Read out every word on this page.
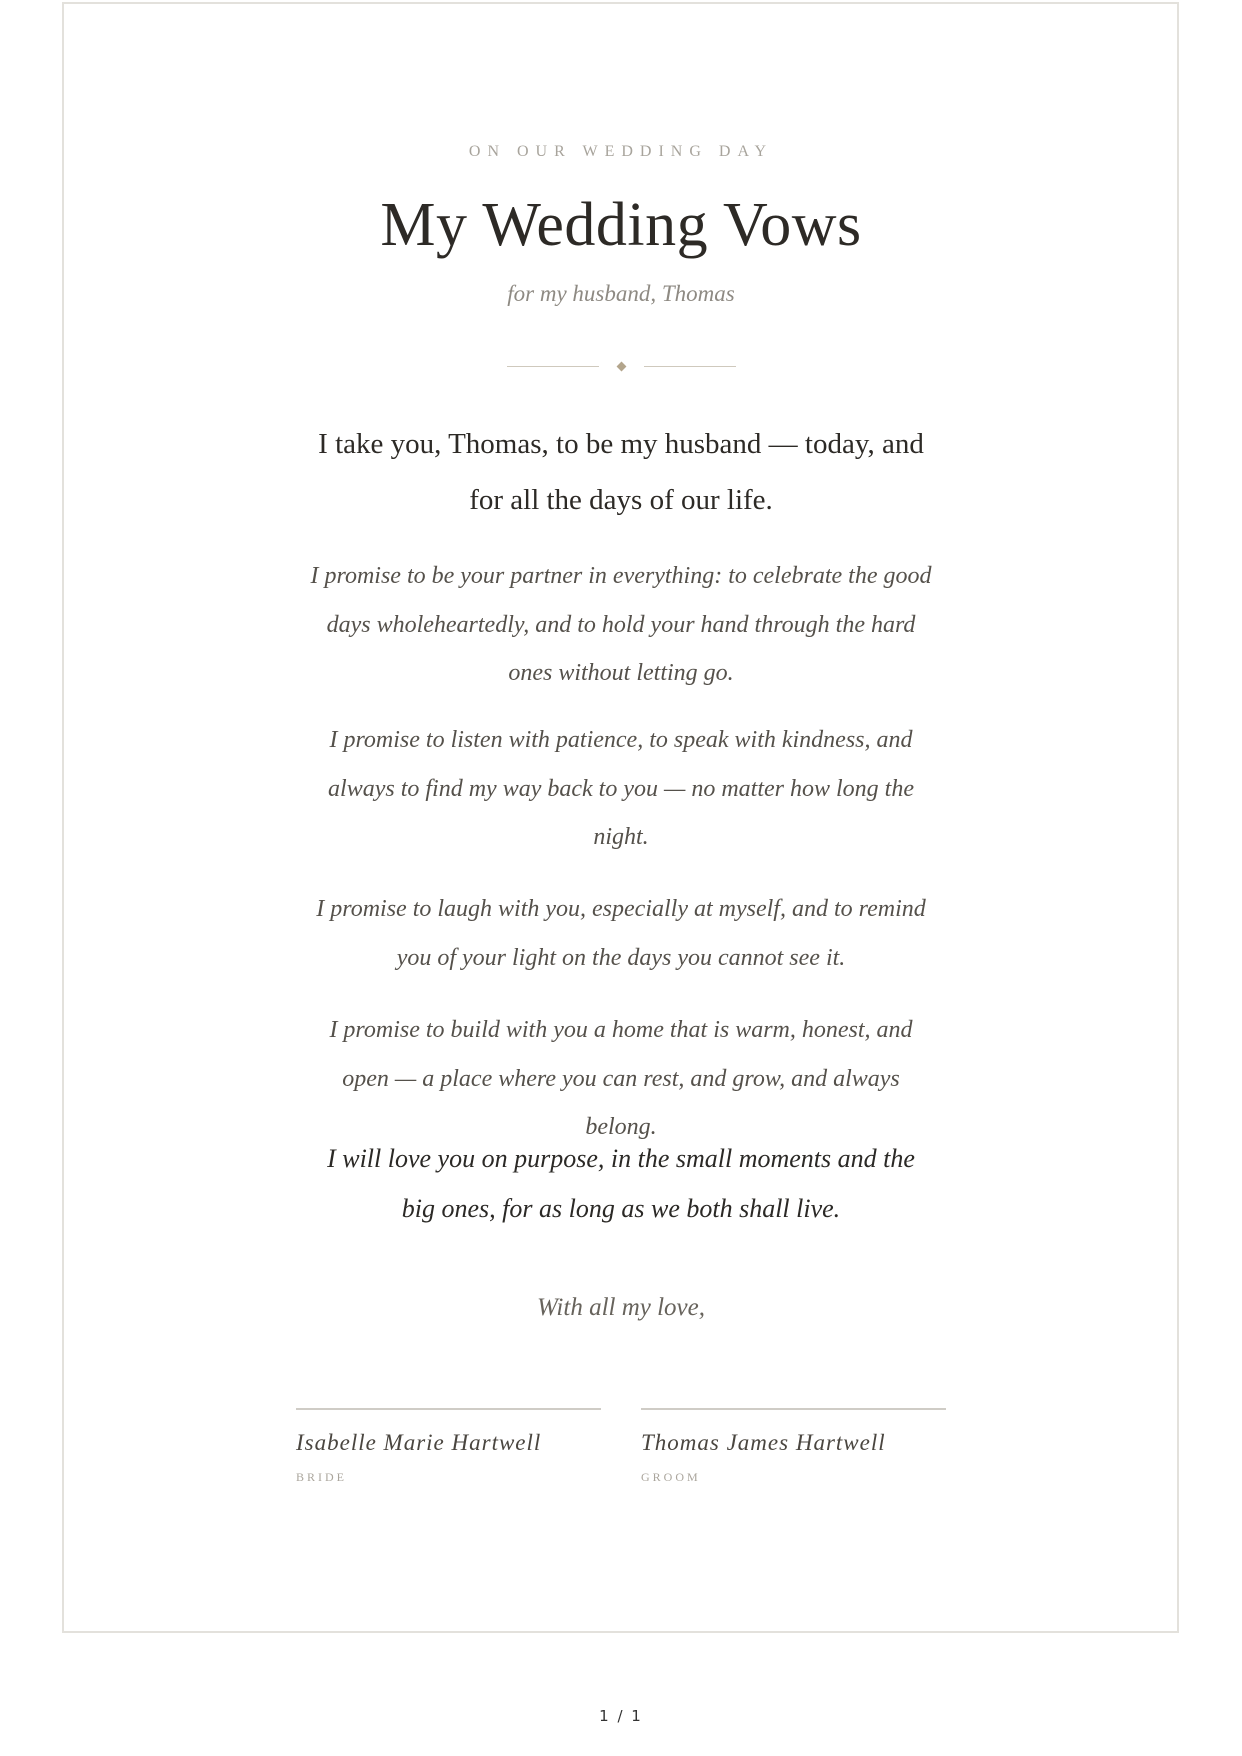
ON OUR WEDDING DAY
My Wedding Vows
for my husband, Thomas

I take you, Thomas, to be my husband — today, and for all the days of our life.

I promise to be your partner in everything: to celebrate the good days wholeheartedly, and to hold your hand through the hard ones without letting go.

I promise to listen with patience, to speak with kindness, and always to find my way back to you — no matter how long the night.

I promise to laugh with you, especially at myself, and to remind you of your light on the days you cannot see it.

I promise to build with you a home that is warm, honest, and open — a place where you can rest, and grow, and always belong.

I will love you on purpose, in the small moments and the big ones, for as long as we both shall live.

With all my love,
Isabelle Marie Hartwell
BRIDE
Thomas James Hartwell
GROOM
1 / 1
